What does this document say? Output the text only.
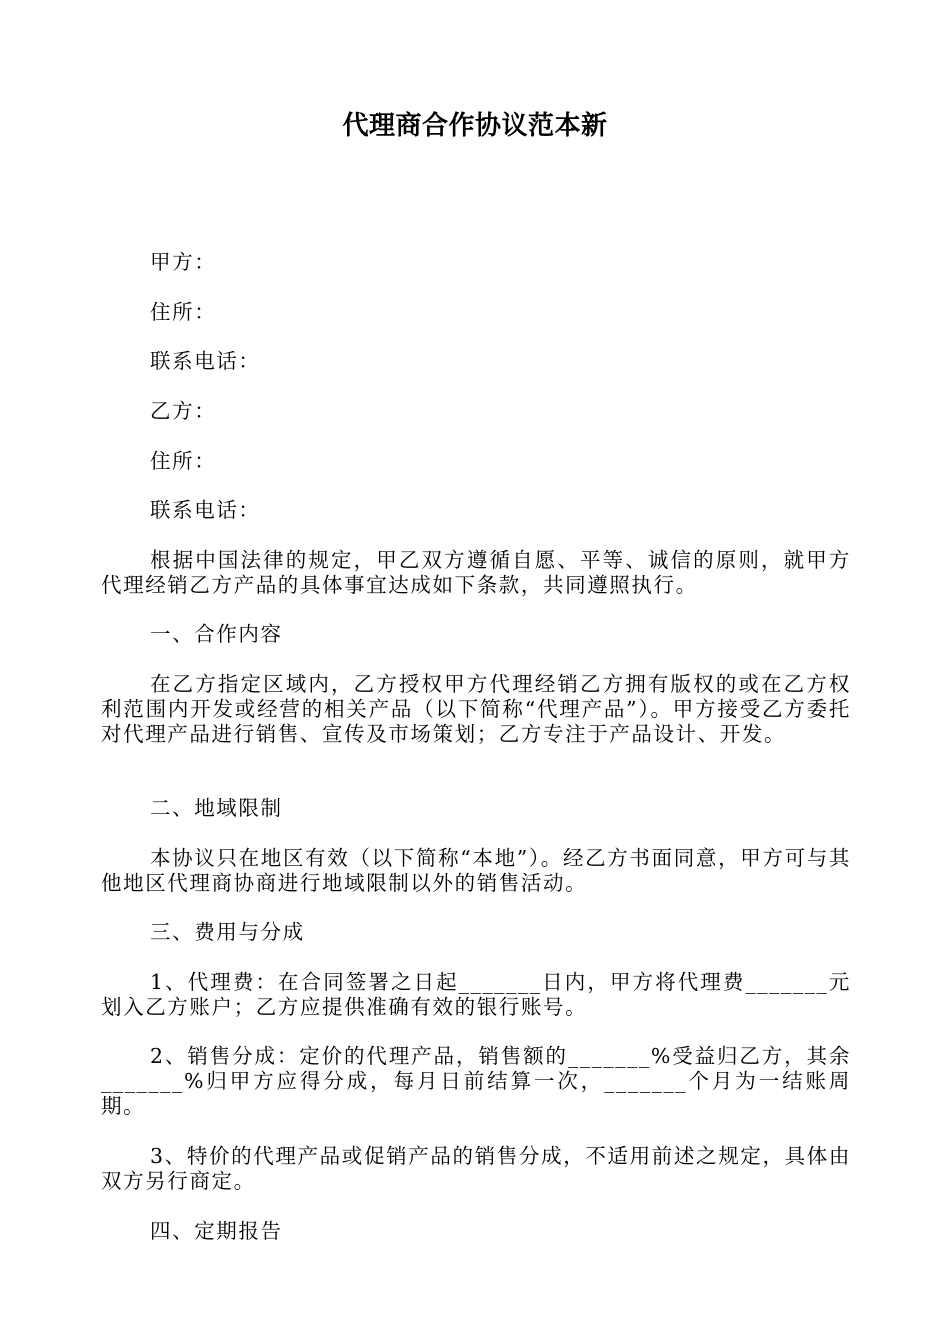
代理商合作协议范本新
甲方：
住所：
联系电话：
乙方：
住所：
联系电话：
根据中国法律的规定，甲乙双方遵循自愿、平等、诚信的原则，就甲方代理经销乙方产品的具体事宜达成如下条款，共同遵照执行。
一、合作内容
在乙方指定区域内，乙方授权甲方代理经销乙方拥有版权的或在乙方权利范围内开发或经营的相关产品（以下简称“代理产品”）。甲方接受乙方委托对代理产品进行销售、宣传及市场策划；乙方专注于产品设计、开发。
二、地域限制
本协议只在地区有效（以下简称“本地”）。经乙方书面同意，甲方可与其他地区代理商协商进行地域限制以外的销售活动。
三、费用与分成
1、代理费：在合同签署之日起_______日内，甲方将代理费_______元划入乙方账户；乙方应提供准确有效的银行账号。
2、销售分成：定价的代理产品，销售额的_______%受益归乙方，其余_______%归甲方应得分成，每月日前结算一次，_______个月为一结账周期。
3、特价的代理产品或促销产品的销售分成，不适用前述之规定，具体由双方另行商定。
四、定期报告
